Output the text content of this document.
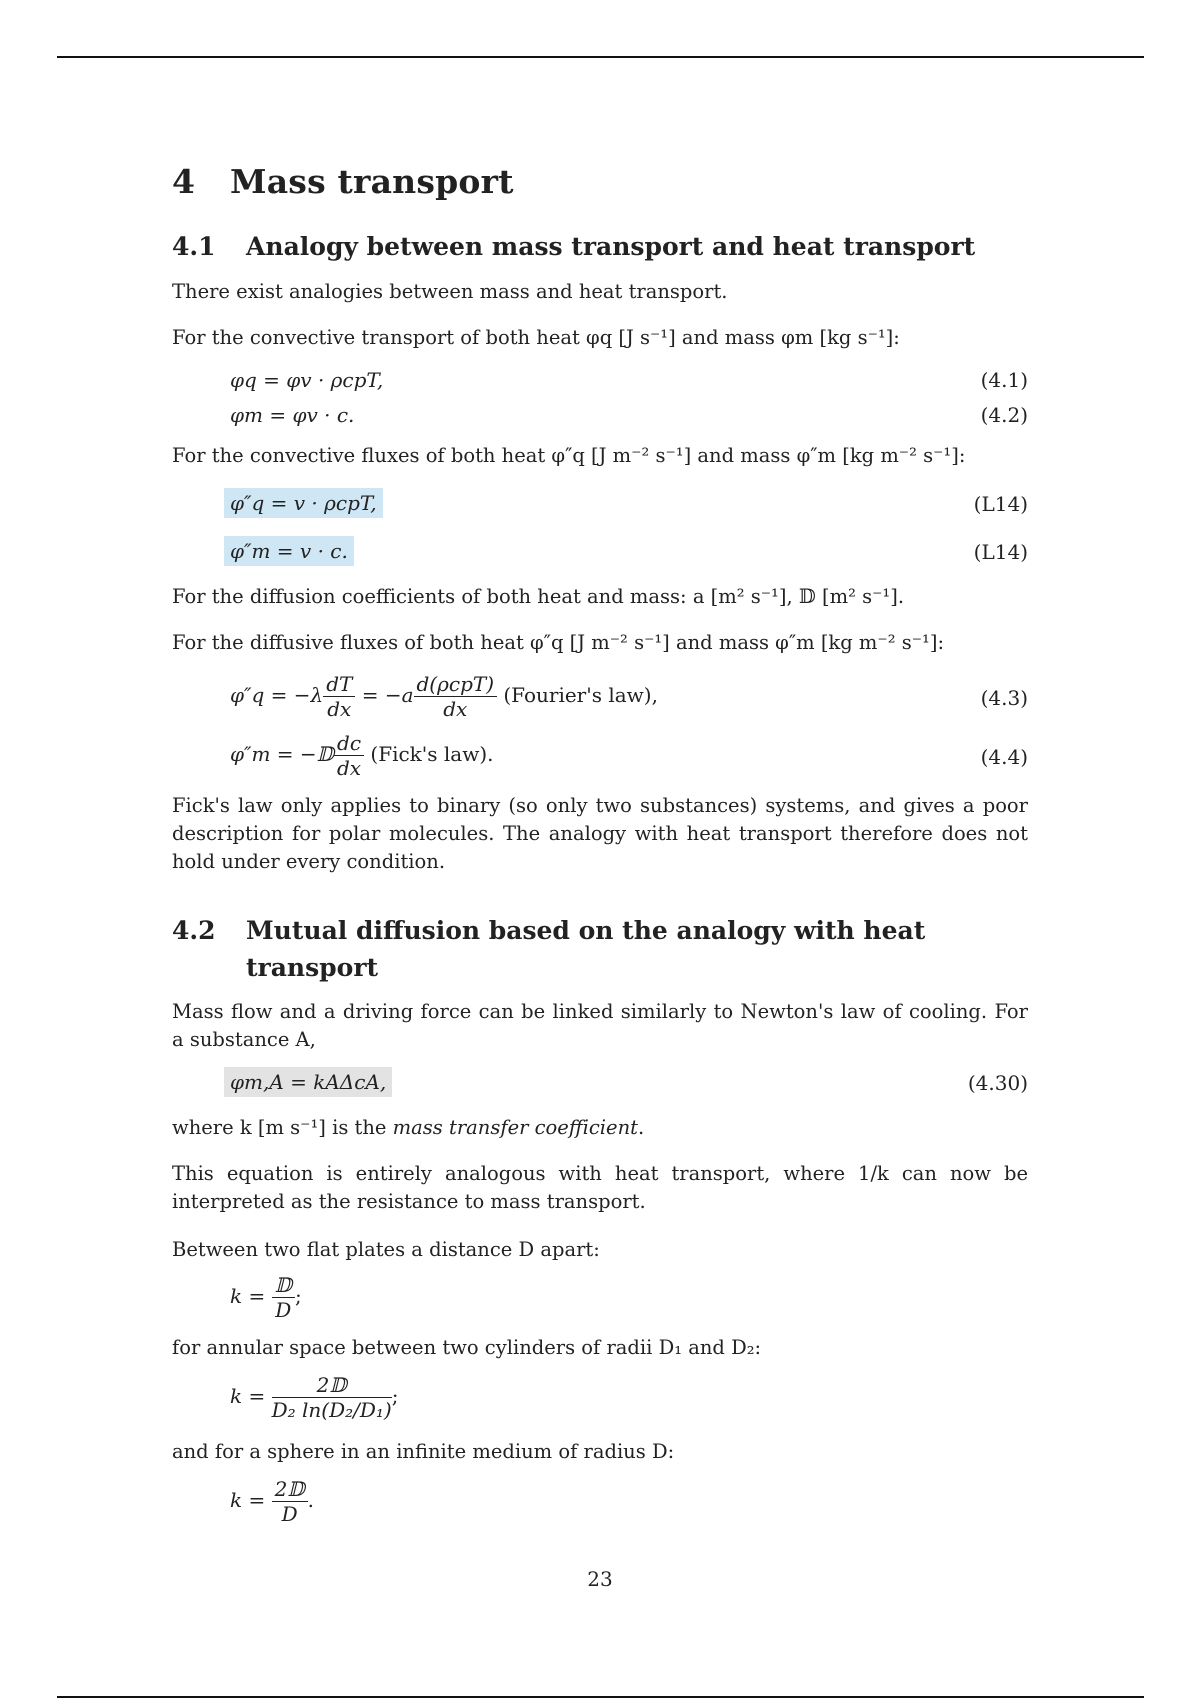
4 Mass transport
4.1 Analogy between mass transport and heat transport

There exist analogies between mass and heat transport.

For the convective transport of both heat φq [J s⁻¹] and mass φm [kg s⁻¹]:

φq = φv · ρcpT,	(4.1)
φm = φv · c.	(4.2)

For the convective fluxes of both heat φ″q [J m⁻² s⁻¹] and mass φ″m [kg m⁻² s⁻¹]:

φ″q = v · ρcpT,	(L14)
φ″m = v · c.	(L14)

For the diffusion coefficients of both heat and mass: a [m² s⁻¹], 𝔻 [m² s⁻¹].

For the diffusive fluxes of both heat φ″q [J m⁻² s⁻¹] and mass φ″m [kg m⁻² s⁻¹]:

$\varphi''q = -\lambda \frac{dT}{dx} = -a \frac{\text{d(ρcpT)}}{dx}$ (Fourier's law),	(4.3)
φ″m = −𝔻 $\frac{dc}{dx}$ (Fick's law).	(4.4)

Fick's law only applies to binary (so only two substances) systems, and gives a poor description for polar molecules. The analogy with heat transport therefore does not hold under every condition.

4.2 Mutual diffusion based on the analogy with heat transport

Mass flow and a driving force can be linked similarly to Newton's law of cooling. For a substance A,

φm,A = kAΔcA,	(4.30)

where k [m s⁻¹] is the mass transfer coefficient.

This equation is entirely analogous with heat transport, where 1/k can now be interpreted as the resistance to mass transport.

Between two flat plates a distance D apart:

$k = \frac{\text{𝔻}}{D}$ ;

for annular space between two cylinders of radii D₁ and D₂:

$k = \frac{\text{2𝔻}}{\text{D₂ ln(D₂/D₁)}}$ ;

and for a sphere in an infinite medium of radius D:

$k = \frac{\text{2𝔻}}{D}$ .
23
